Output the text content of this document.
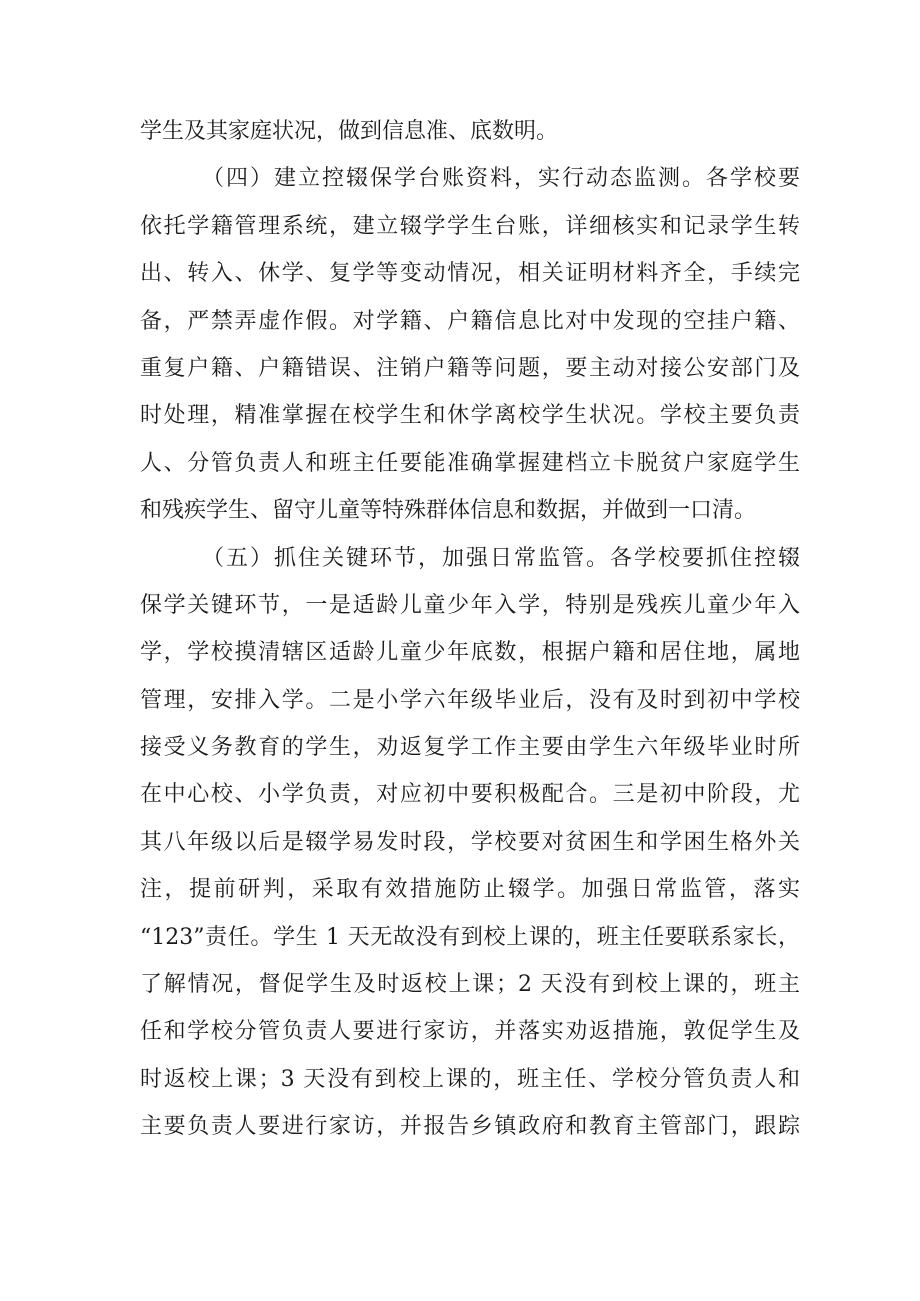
学生及其家庭状况，做到信息准、底数明。
（四）建立控辍保学台账资料，实行动态监测。各学校要
依托学籍管理系统，建立辍学学生台账，详细核实和记录学生转
出、转入、休学、复学等变动情况，相关证明材料齐全，手续完
备，严禁弄虚作假。对学籍、户籍信息比对中发现的空挂户籍、
重复户籍、户籍错误、注销户籍等问题，要主动对接公安部门及
时处理，精准掌握在校学生和休学离校学生状况。学校主要负责
人、分管负责人和班主任要能准确掌握建档立卡脱贫户家庭学生
和残疾学生、留守儿童等特殊群体信息和数据，并做到一口清。
（五）抓住关键环节，加强日常监管。各学校要抓住控辍
保学关键环节，一是适龄儿童少年入学，特别是残疾儿童少年入
学，学校摸清辖区适龄儿童少年底数，根据户籍和居住地，属地
管理，安排入学。二是小学六年级毕业后，没有及时到初中学校
接受义务教育的学生，劝返复学工作主要由学生六年级毕业时所
在中心校、小学负责，对应初中要积极配合。三是初中阶段，尤
其八年级以后是辍学易发时段，学校要对贫困生和学困生格外关
注，提前研判，采取有效措施防止辍学。加强日常监管，落实
“123”责任。学生 1 天无故没有到校上课的，班主任要联系家长，
了解情况，督促学生及时返校上课；2 天没有到校上课的，班主
任和学校分管负责人要进行家访，并落实劝返措施，敦促学生及
时返校上课；3 天没有到校上课的，班主任、学校分管负责人和
主要负责人要进行家访，并报告乡镇政府和教育主管部门，跟踪
